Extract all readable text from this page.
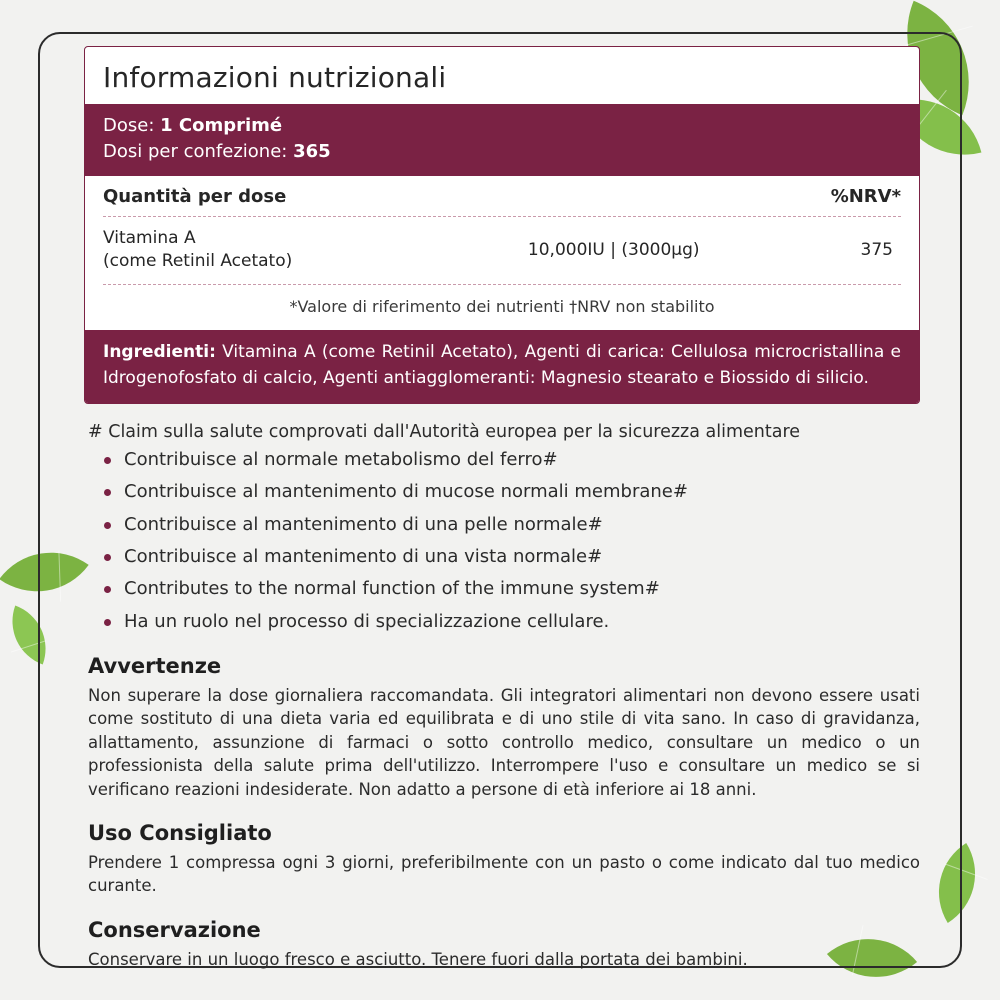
Informazioni nutrizionali
Dose: 1 Comprimé
Dosi per confezione: 365
Quantità per dose	%NRV*
Vitamina A
(come Retinil Acetato)
10,000IU | (3000µg)	375
*Valore di riferimento dei nutrienti †NRV non stabilito
Ingredienti: Vitamina A (come Retinil Acetato), Agenti di carica: Cellulosa microcristallina e Idrogenofosfato di calcio, Agenti antiagglomeranti: Magnesio stearato e Biossido di silicio.
# Claim sulla salute comprovati dall'Autorità europea per la sicurezza alimentare
Contribuisce al normale metabolismo del ferro#
Contribuisce al mantenimento di mucose normali membrane#
Contribuisce al mantenimento di una pelle normale#
Contribuisce al mantenimento di una vista normale#
Contributes to the normal function of the immune system#
Ha un ruolo nel processo di specializzazione cellulare.
Avvertenze

Non superare la dose giornaliera raccomandata. Gli integratori alimentari non devono essere usati come sostituto di una dieta varia ed equilibrata e di uno stile di vita sano. In caso di gravidanza, allattamento, assunzione di farmaci o sotto controllo medico, consultare un medico o un professionista della salute prima dell'utilizzo. Interrompere l'uso e consultare un medico se si verificano reazioni indesiderate. Non adatto a persone di età inferiore ai 18 anni.

Uso Consigliato

Prendere 1 compressa ogni 3 giorni, preferibilmente con un pasto o come indicato dal tuo medico curante.

Conservazione

Conservare in un luogo fresco e asciutto. Tenere fuori dalla portata dei bambini.
